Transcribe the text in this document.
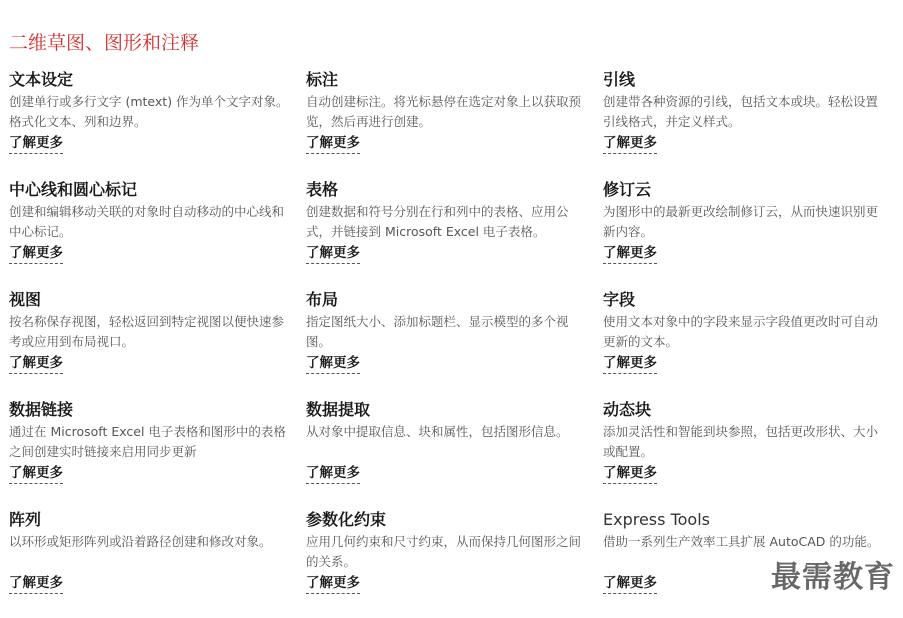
二维草图、图形和注释
文本设定

创建单行或多行文字 (mtext) 作为单个文字对象。格式化文本、列和边界。

了解更多
标注

自动创建标注。将光标悬停在选定对象上以获取预览，然后再进行创建。

了解更多
引线

创建带各种资源的引线，包括文本或块。轻松设置引线格式，并定义样式。

了解更多
中心线和圆心标记

创建和编辑移动关联的对象时自动移动的中心线和中心标记。

了解更多
表格

创建数据和符号分别在行和列中的表格、应用公式，并链接到 Microsoft Excel 电子表格。

了解更多
修订云

为图形中的最新更改绘制修订云，从而快速识别更新内容。

了解更多
视图

按名称保存视图，轻松返回到特定视图以便快速参考或应用到布局视口。

了解更多
布局

指定图纸大小、添加标题栏、显示模型的多个视图。

了解更多
字段

使用文本对象中的字段来显示字段值更改时可自动更新的文本。

了解更多
数据链接

通过在 Microsoft Excel 电子表格和图形中的表格之间创建实时链接来启用同步更新

了解更多
数据提取

从对象中提取信息、块和属性，包括图形信息。

了解更多
动态块

添加灵活性和智能到块参照，包括更改形状、大小或配置。

了解更多
阵列

以环形或矩形阵列或沿着路径创建和修改对象。

了解更多
参数化约束

应用几何约束和尺寸约束，从而保持几何图形之间的关系。

了解更多
Express Tools

借助一系列生产效率工具扩展 AutoCAD 的功能。

了解更多	最需教育
